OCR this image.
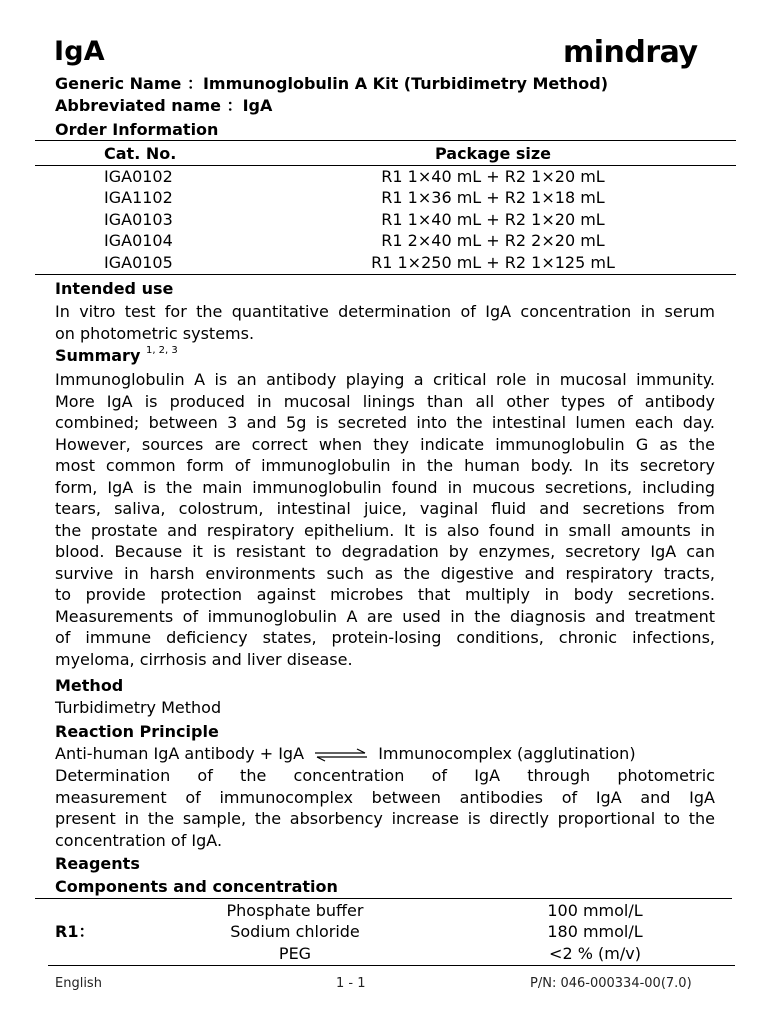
IgA	mindray
Generic Name ：Immunoglobulin A Kit (Turbidimetry Method)
Abbreviated name ：IgA
Order Information
Cat. No.	Package size
IGA0102	R1 1×40 mL + R2 1×20 mL
IGA1102	R1 1×36 mL + R2 1×18 mL
IGA0103	R1 1×40 mL + R2 1×20 mL
IGA0104	R1 2×40 mL + R2 2×20 mL
IGA0105	R1 1×250 mL + R2 1×125 mL
Intended use
In vitro test for the quantitative determination of IgA concentration in serum
on photometric systems.
Summary $^{1, 2, 3}$
Immunoglobulin A is an antibody playing a critical role in mucosal immunity.
More IgA is produced in mucosal linings than all other types of antibody
combined; between 3 and 5g is secreted into the intestinal lumen each day.
However, sources are correct when they indicate immunoglobulin G as the
most common form of immunoglobulin in the human body. In its secretory
form, IgA is the main immunoglobulin found in mucous secretions, including
tears, saliva, colostrum, intestinal juice, vaginal fluid and secretions from
the prostate and respiratory epithelium. It is also found in small amounts in
blood. Because it is resistant to degradation by enzymes, secretory IgA can
survive in harsh environments such as the digestive and respiratory tracts,
to provide protection against microbes that multiply in body secretions.
Measurements of immunoglobulin A are used in the diagnosis and treatment
of immune deficiency states, protein-losing conditions, chronic infections,
myeloma, cirrhosis and liver disease.
Method
Turbidimetry Method
Reaction Principle
Anti-human IgA antibody + IgA ⇌ Immunocomplex (agglutination)
Determination of the concentration of IgA through photometric
measurement of immunocomplex between antibodies of IgA and IgA
present in the sample, the absorbency increase is directly proportional to the
concentration of IgA.
Reagents
Components and concentration
R1：
Phosphate buffer	100 mmol/L
Sodium chloride	180 mmol/L
PEG	<2 % (m/v)
English	1 - 1	P/N: 046-000334-00(7.0)
